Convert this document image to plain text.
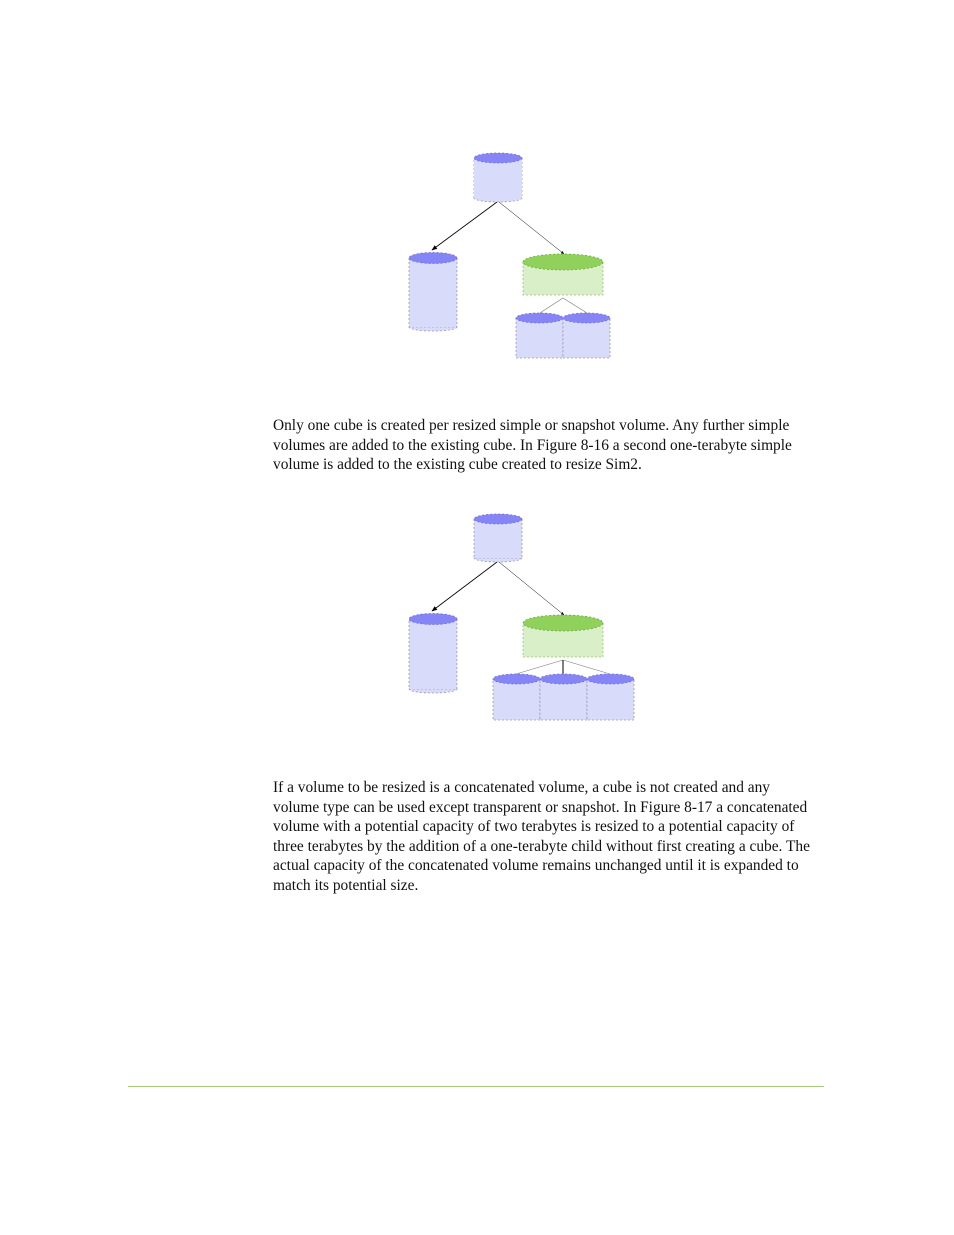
Only one cube is created per resized simple or snapshot volume. Any further simple volumes are added to the existing cube. In Figure 8-16 a second one-terabyte simple volume is added to the existing cube created to resize Sim2.

If a volume to be resized is a concatenated volume, a cube is not created and any volume type can be used except transparent or snapshot. In Figure 8-17 a concatenated volume with a potential capacity of two terabytes is resized to a potential capacity of three terabytes by the addition of a one-terabyte child without first creating a cube. The actual capacity of the concatenated volume remains unchanged until it is expanded to match its potential size.
